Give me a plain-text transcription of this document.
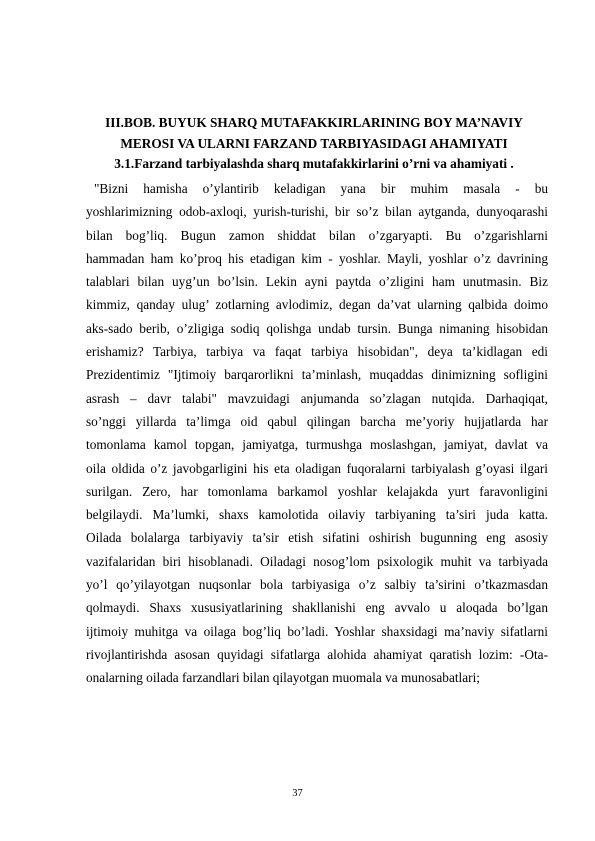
III.BOB. BUYUK SHARQ MUTAFAKKIRLARINING BOY MA’NAVIY
MEROSI VA ULARNI FARZAND TARBIYASIDAGI AHAMIYATI
3.1.Farzand tarbiyalashda sharq mutafakkirlarini o’rni va ahamiyati .
"Bizni hamisha o’ylantirib keladigan yana bir muhim masala - bu
yoshlarimizning odob-axloqi, yurish-turishi, bir so’z bilan aytganda, dunyoqarashi
bilan bog’liq. Bugun zamon shiddat bilan o’zgaryapti. Bu o’zgarishlarni
hammadan ham ko’proq his etadigan kim - yoshlar. Mayli, yoshlar o’z davrining
talablari bilan uyg’un bo’lsin. Lekin ayni paytda o’zligini ham unutmasin. Biz
kimmiz, qanday ulug’ zotlarning avlodimiz, degan da’vat ularning qalbida doimo
aks-sado berib, o’zligiga sodiq qolishga undab tursin. Bunga nimaning hisobidan
erishamiz? Tarbiya, tarbiya va faqat tarbiya hisobidan", deya ta’kidlagan edi
Prezidentimiz "Ijtimoiy barqarorlikni ta’minlash, muqaddas dinimizning sofligini
asrash – davr talabi" mavzuidagi anjumanda so’zlagan nutqida. Darhaqiqat,
so’nggi yillarda ta’limga oid qabul qilingan barcha me’yoriy hujjatlarda har
tomonlama kamol topgan, jamiyatga, turmushga moslashgan, jamiyat, davlat va
oila oldida o’z javobgarligini his eta oladigan fuqoralarni tarbiyalash g’oyasi ilgari
surilgan. Zero, har tomonlama barkamol yoshlar kelajakda yurt faravonligini
belgilaydi. Ma’lumki, shaxs kamolotida oilaviy tarbiyaning ta’siri juda katta.
Oilada bolalarga tarbiyaviy ta’sir etish sifatini oshirish bugunning eng asosiy
vazifalaridan biri hisoblanadi. Oiladagi nosog’lom psixologik muhit va tarbiyada
yo’l qo’yilayotgan nuqsonlar bola tarbiyasiga o’z salbiy ta’sirini o’tkazmasdan
qolmaydi. Shaxs xususiyatlarining shakllanishi eng avvalo u aloqada bo’lgan
ijtimoiy muhitga va oilaga bog’liq bo’ladi. Yoshlar shaxsidagi ma’naviy sifatlarni
rivojlantirishda asosan quyidagi sifatlarga alohida ahamiyat qaratish lozim: -Ota-
onalarning oilada farzandlari bilan qilayotgan muomala va munosabatlari;
37
